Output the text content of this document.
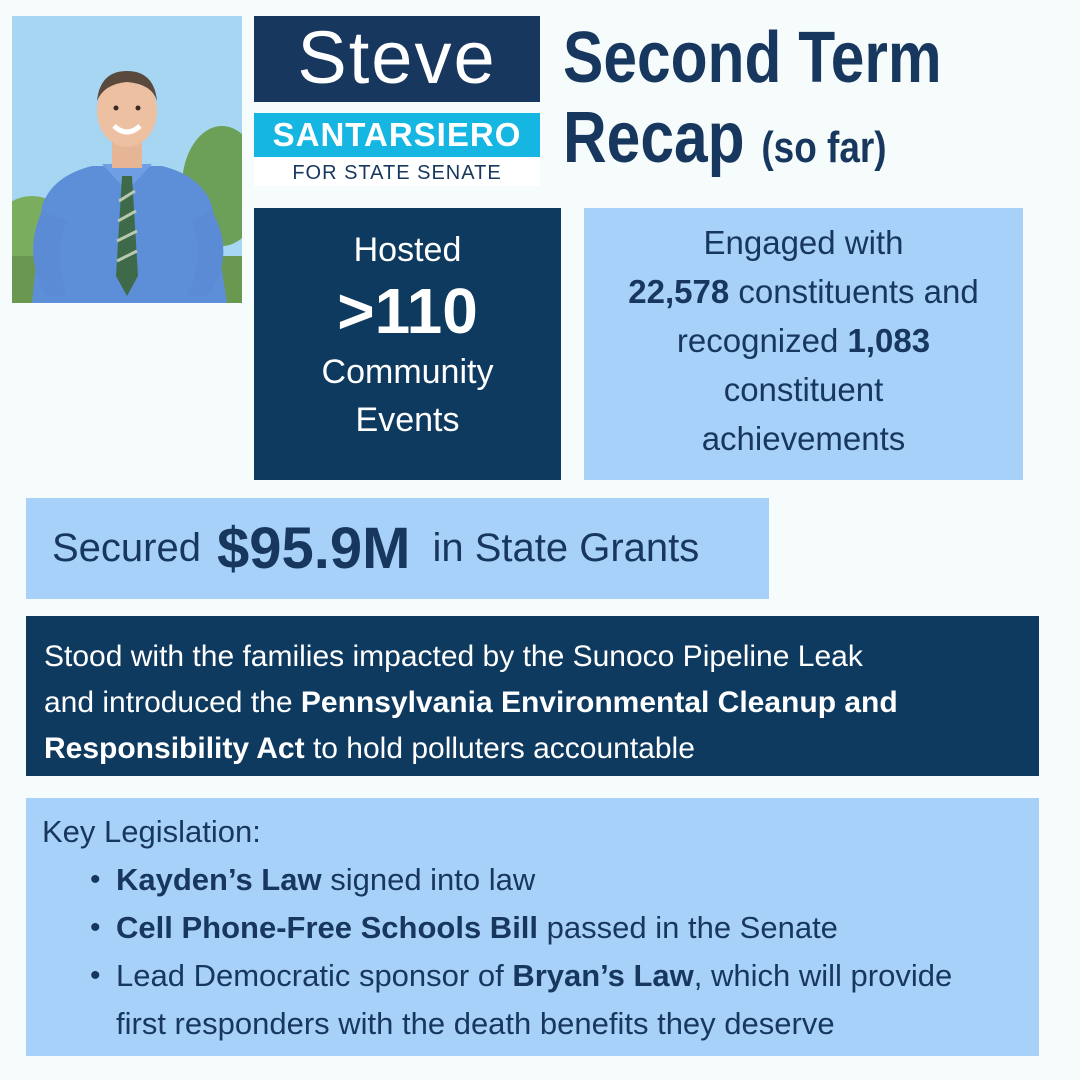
Steve
SANTARSIERO
FOR STATE SENATE
Second Term
Recap (so far)
Hosted
>110
Community
Events
Engaged with
22,578 constituents and
recognized 1,083
constituent
achievements
Secured $95.9M in State Grants
Stood with the families impacted by the Sunoco Pipeline Leak
and introduced the Pennsylvania Environmental Cleanup and
Responsibility Act to hold polluters accountable
Key Legislation:
• Kayden’s Law signed into law
• Cell Phone-Free Schools Bill passed in the Senate
• Lead Democratic sponsor of Bryan’s Law, which will provide
first responders with the death benefits they deserve
